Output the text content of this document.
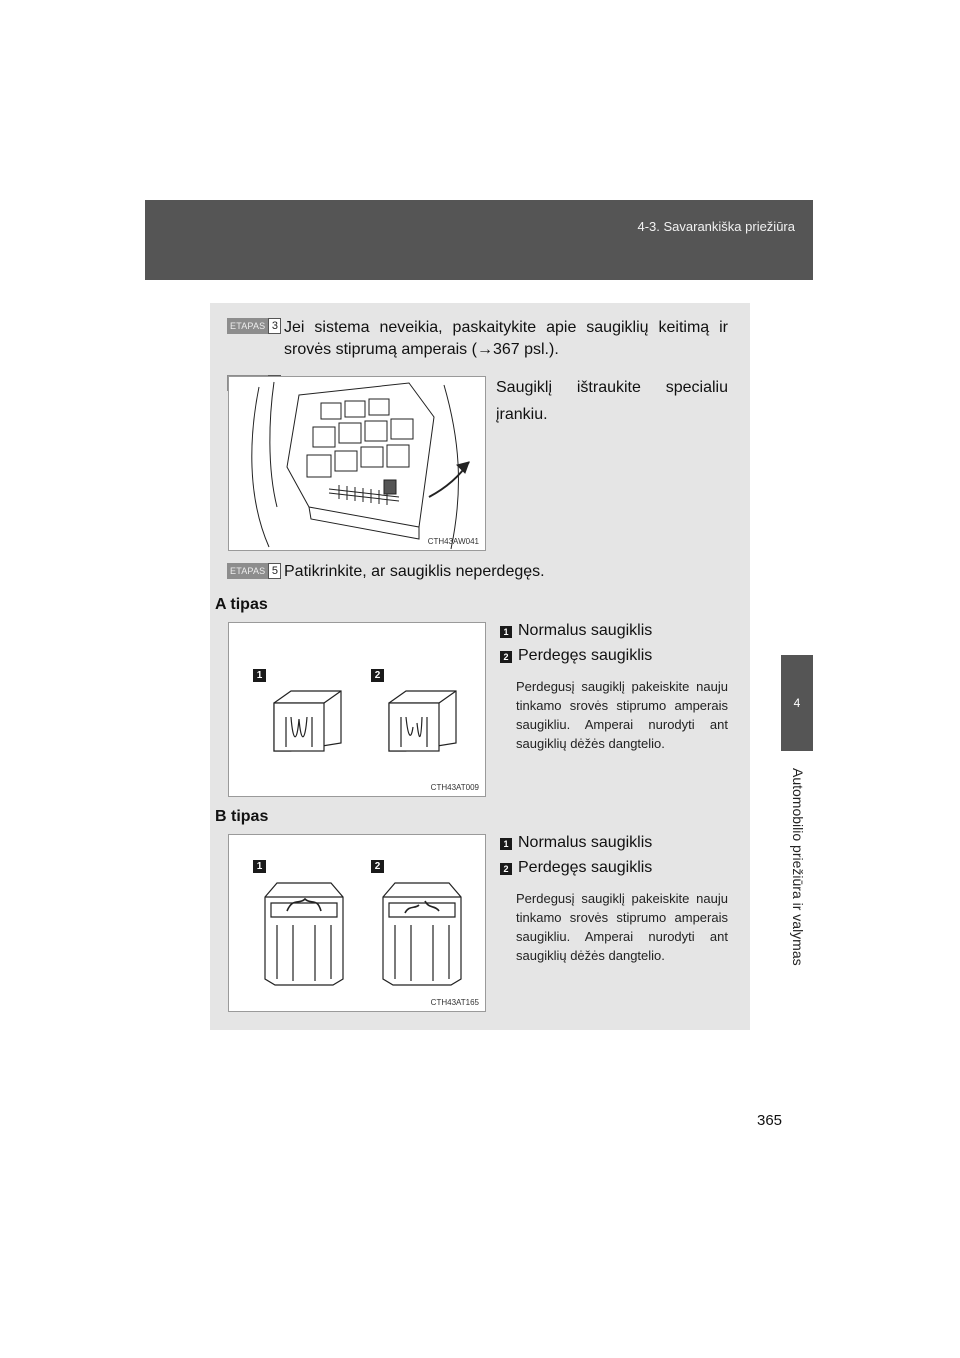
4-3. Savarankiška priežiūra
4
Automobilio priežiūra ir valymas
ETAPAS 3 Jei sistema neveikia, paskaitykite apie saugiklių keitimą ir srovės stiprumą amperais (→367 psl.).
CTH43AW041
Saugiklį ištraukite specialiu įrankiu.
ETAPAS 5 Patikrinkite, ar saugiklis neperdegęs.
A tipas
1	2
CTH43AT009
1 Normalus saugiklis
2 Perdegęs saugiklis
Perdegusį saugiklį pakeiskite nauju tinkamo srovės stiprumo amperais saugikliu. Amperai nurodyti ant saugiklių dėžės dangtelio.
B tipas
1	2
CTH43AT165
1 Normalus saugiklis
2 Perdegęs saugiklis
Perdegusį saugiklį pakeiskite nauju tinkamo srovės stiprumo amperais saugikliu. Amperai nurodyti ant saugiklių dėžės dangtelio.
365
